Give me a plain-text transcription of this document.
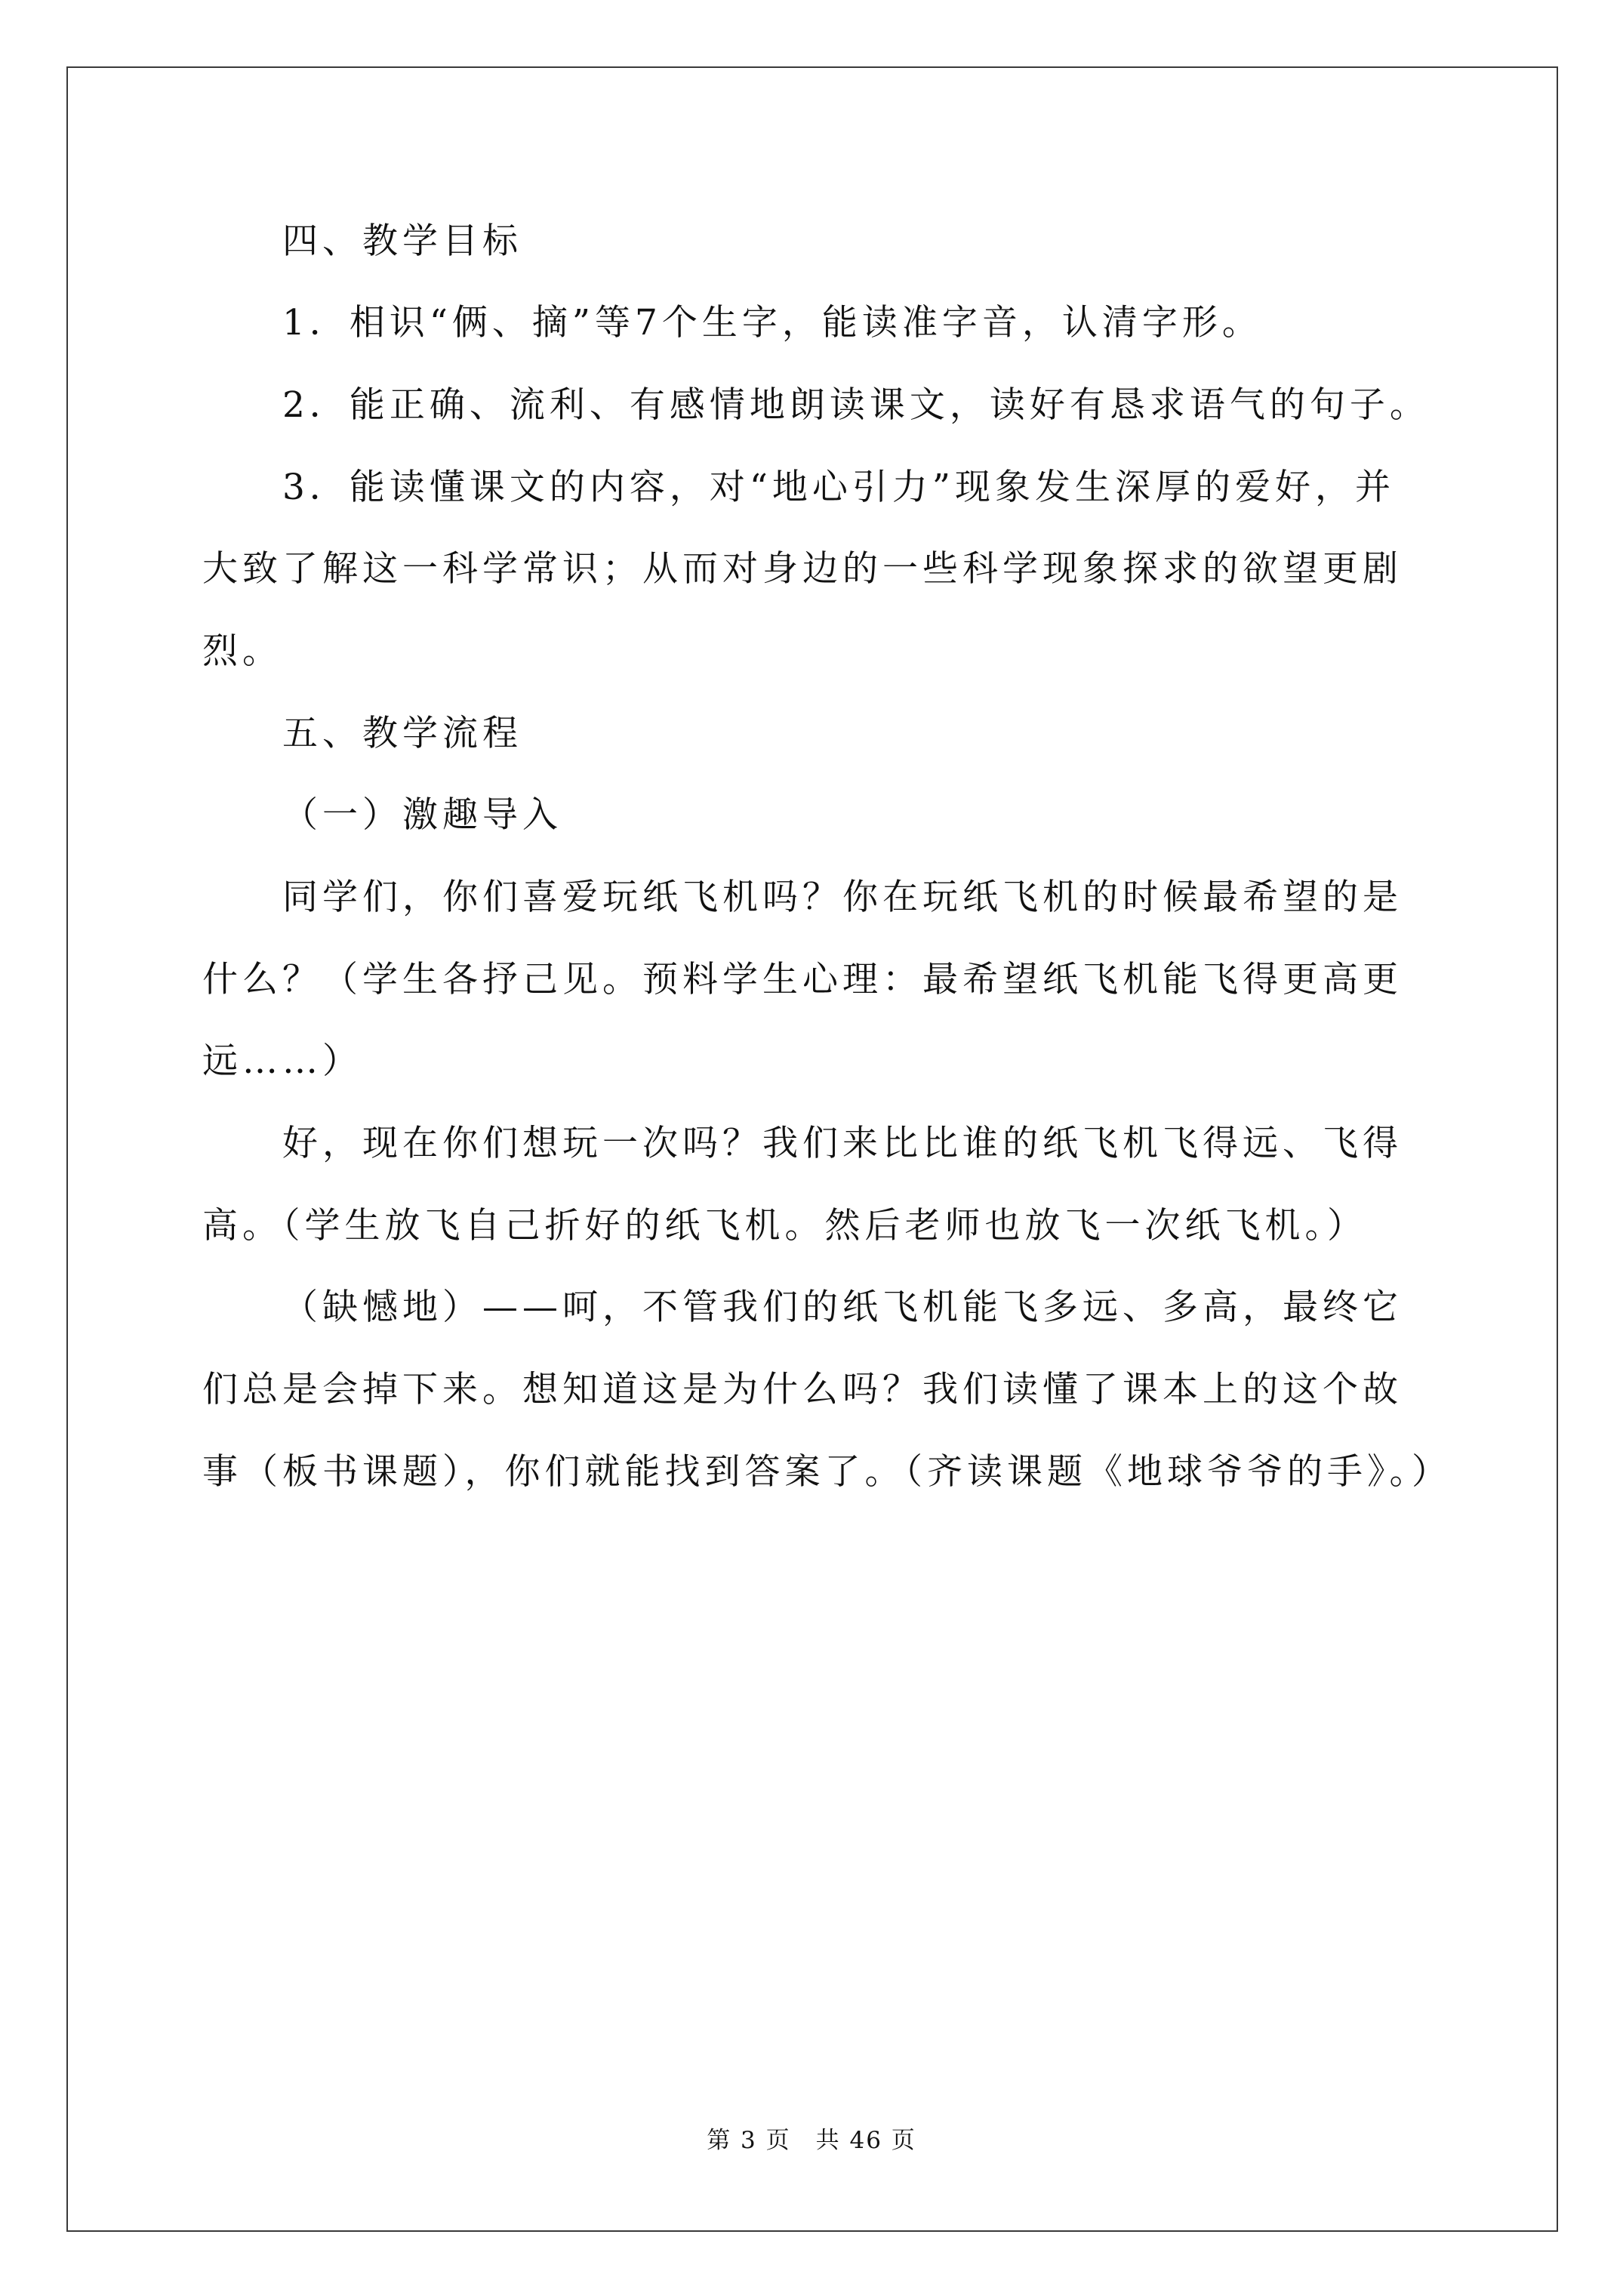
四、教学目标
1．相识“俩、摘”等7个生字，能读准字音，认清字形。
2．能正确、流利、有感情地朗读课文，读好有恳求语气的句子。
3．能读懂课文的内容，对“地心引力”现象发生深厚的爱好，并
大致了解这一科学常识；从而对身边的一些科学现象探求的欲望更剧
烈。
五、教学流程
（一）激趣导入
同学们，你们喜爱玩纸飞机吗？你在玩纸飞机的时候最希望的是
什么？（学生各抒己见。预料学生心理：最希望纸飞机能飞得更高更
远……）
好，现在你们想玩一次吗？我们来比比谁的纸飞机飞得远、飞得
高。（学生放飞自己折好的纸飞机。然后老师也放飞一次纸飞机。）
（缺憾地）——呵，不管我们的纸飞机能飞多远、多高，最终它
们总是会掉下来。想知道这是为什么吗？我们读懂了课本上的这个故
事（板书课题），你们就能找到答案了。（齐读课题《地球爷爷的手》。）
第 3 页　共 46 页
